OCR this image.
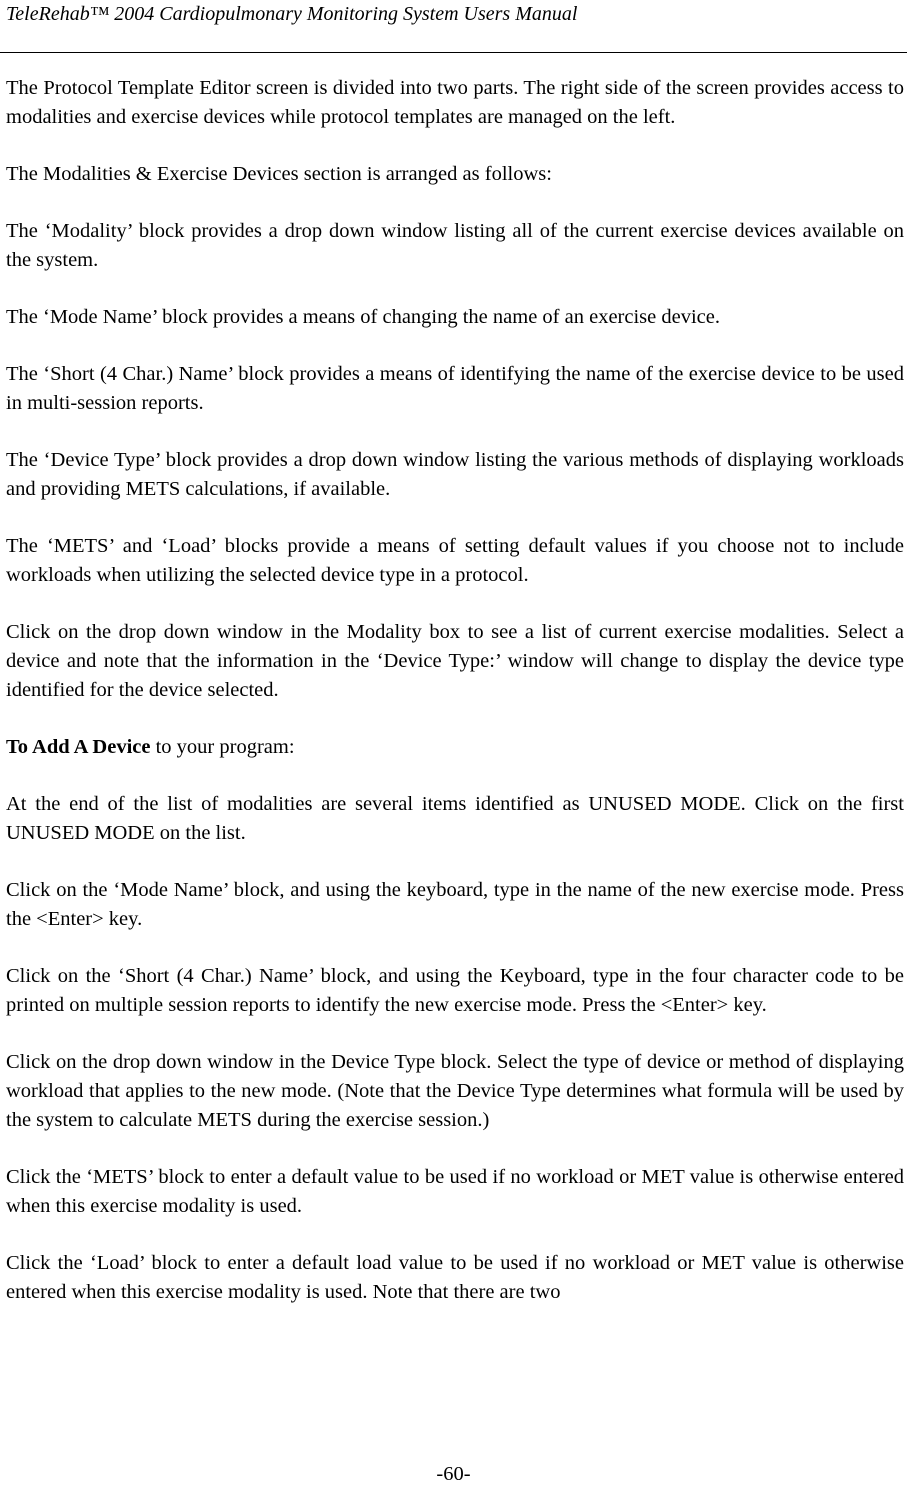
TeleRehab™ 2004 Cardiopulmonary Monitoring System Users Manual

The Protocol Template Editor screen is divided into two parts. The right side of the screen provides access to modalities and exercise devices while protocol templates are managed on the left.

The Modalities & Exercise Devices section is arranged as follows:

The ‘Modality’ block provides a drop down window listing all of the current exercise devices available on the system.

The ‘Mode Name’ block provides a means of changing the name of an exercise device.

The ‘Short (4 Char.) Name’ block provides a means of identifying the name of the exercise device to be used in multi-session reports.

The ‘Device Type’ block provides a drop down window listing the various methods of displaying workloads and providing METS calculations, if available.

The ‘METS’ and ‘Load’ blocks provide a means of setting default values if you choose not to include workloads when utilizing the selected device type in a protocol.

Click on the drop down window in the Modality box to see a list of current exercise modalities. Select a device and note that the information in the ‘Device Type:’ window will change to display the device type identified for the device selected.

To Add A Device to your program:

At the end of the list of modalities are several items identified as UNUSED MODE. Click on the first UNUSED MODE on the list.

Click on the ‘Mode Name’ block, and using the keyboard, type in the name of the new exercise mode. Press the <Enter> key.

Click on the ‘Short (4 Char.) Name’ block, and using the Keyboard, type in the four character code to be printed on multiple session reports to identify the new exercise mode. Press the <Enter> key.

Click on the drop down window in the Device Type block. Select the type of device or method of displaying workload that applies to the new mode. (Note that the Device Type determines what formula will be used by the system to calculate METS during the exercise session.)

Click the ‘METS’ block to enter a default value to be used if no workload or MET value is otherwise entered when this exercise modality is used.

Click the ‘Load’ block to enter a default load value to be used if no workload or MET value is otherwise entered when this exercise modality is used. Note that there are two

-60-
